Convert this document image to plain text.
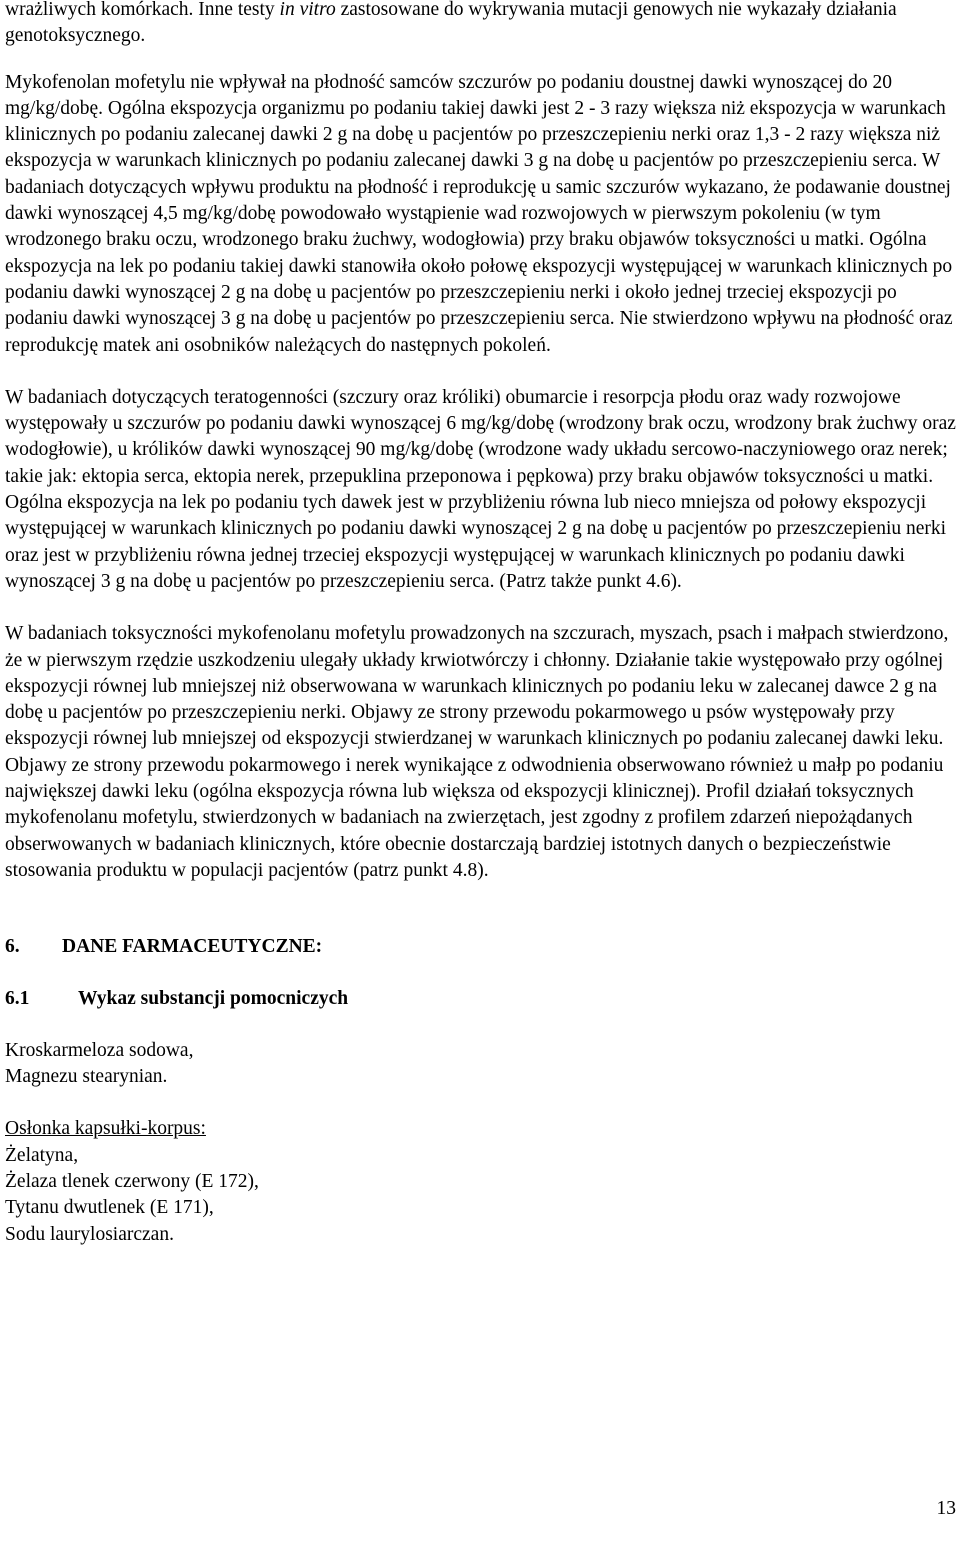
wrażliwych komórkach. Inne testy in vitro zastosowane do wykrywania mutacji genowych nie wykazały działania genotoksycznego.

Mykofenolan mofetylu nie wpływał na płodność samców szczurów po podaniu doustnej dawki wynoszącej do 20 mg/kg/dobę. Ogólna ekspozycja organizmu po podaniu takiej dawki jest 2 - 3 razy większa niż ekspozycja w warunkach klinicznych po podaniu zalecanej dawki 2 g na dobę u pacjentów po przeszczepieniu nerki oraz 1,3 - 2 razy większa niż ekspozycja w warunkach klinicznych po podaniu zalecanej dawki 3 g na dobę u pacjentów po przeszczepieniu serca. W badaniach dotyczących wpływu produktu na płodność i reprodukcję u samic szczurów wykazano, że podawanie doustnej dawki wynoszącej 4,5 mg/kg/dobę powodowało wystąpienie wad rozwojowych w pierwszym pokoleniu (w tym wrodzonego braku oczu, wrodzonego braku żuchwy, wodogłowia) przy braku objawów toksyczności u matki. Ogólna ekspozycja na lek po podaniu takiej dawki stanowiła około połowę ekspozycji występującej w warunkach klinicznych po podaniu dawki wynoszącej 2 g na dobę u pacjentów po przeszczepieniu nerki i około jednej trzeciej ekspozycji po podaniu dawki wynoszącej 3 g na dobę u pacjentów po przeszczepieniu serca. Nie stwierdzono wpływu na płodność oraz reprodukcję matek ani osobników należących do następnych pokoleń.

W badaniach dotyczących teratogenności (szczury oraz króliki) obumarcie i resorpcja płodu oraz wady rozwojowe występowały u szczurów po podaniu dawki wynoszącej 6 mg/kg/dobę (wrodzony brak oczu, wrodzony brak żuchwy oraz wodogłowie), u królików dawki wynoszącej 90 mg/kg/dobę (wrodzone wady układu sercowo-naczyniowego oraz nerek; takie jak: ektopia serca, ektopia nerek, przepuklina przeponowa i pępkowa) przy braku objawów toksyczności u matki. Ogólna ekspozycja na lek po podaniu tych dawek jest w przybliżeniu równa lub nieco mniejsza od połowy ekspozycji występującej w warunkach klinicznych po podaniu dawki wynoszącej 2 g na dobę u pacjentów po przeszczepieniu nerki oraz jest w przybliżeniu równa jednej trzeciej ekspozycji występującej w warunkach klinicznych po podaniu dawki wynoszącej 3 g na dobę u pacjentów po przeszczepieniu serca. (Patrz także punkt 4.6).

W badaniach toksyczności mykofenolanu mofetylu prowadzonych na szczurach, myszach, psach i małpach stwierdzono, że w pierwszym rzędzie uszkodzeniu ulegały układy krwiotwórczy i chłonny. Działanie takie występowało przy ogólnej ekspozycji równej lub mniejszej niż obserwowana w warunkach klinicznych po podaniu leku w zalecanej dawce 2 g na dobę u pacjentów po przeszczepieniu nerki. Objawy ze strony przewodu pokarmowego u psów występowały przy ekspozycji równej lub mniejszej od ekspozycji stwierdzanej w warunkach klinicznych po podaniu zalecanej dawki leku. Objawy ze strony przewodu pokarmowego i nerek wynikające z odwodnienia obserwowano również u małp po podaniu największej dawki leku (ogólna ekspozycja równa lub większa od ekspozycji klinicznej). Profil działań toksycznych mykofenolanu mofetylu, stwierdzonych w badaniach na zwierzętach, jest zgodny z profilem zdarzeń niepożądanych obserwowanych w badaniach klinicznych, które obecnie dostarczają bardziej istotnych danych o bezpieczeństwie stosowania produktu w populacji pacjentów (patrz punkt 4.8).

6.	DANE FARMACEUTYCZNE:
6.1	Wykaz substancji pomocniczych
Kroskarmeloza sodowa,
Magnezu stearynian.
Osłonka kapsułki-korpus:
Żelatyna,
Żelaza tlenek czerwony (E 172),
Tytanu dwutlenek (E 171),
Sodu laurylosiarczan.
13
